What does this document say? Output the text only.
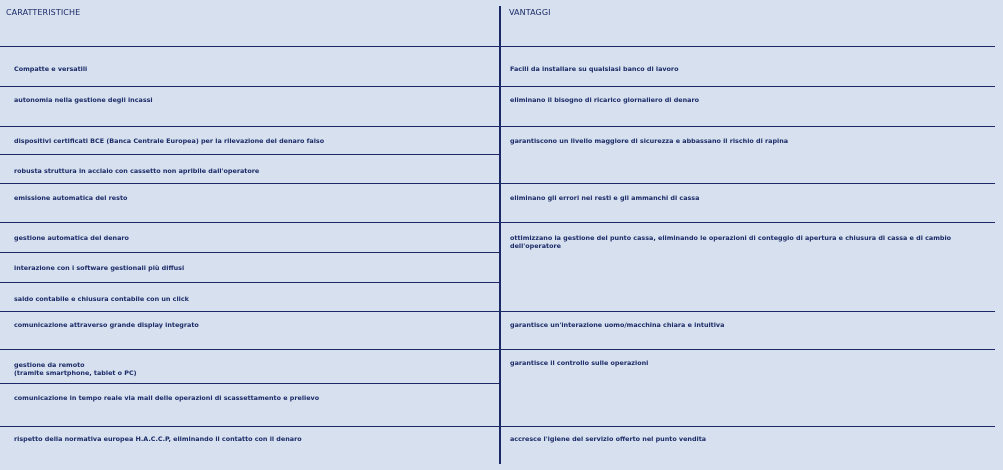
CARATTERISTICHE
Compatte e versatili
autonomia nella gestione degli incassi
dispositivi certificati BCE (Banca Centrale Europea) per la rilevazione del denaro falso
robusta struttura in acciaio con cassetto non apribile dall'operatore
emissione automatica del resto
gestione automatica del denaro
interazione con i software gestionali più diffusi
saldo contabile e chiusura contabile con un click
comunicazione attraverso grande display integrato
gestione da remoto
(tramite smartphone, tablet o PC)
comunicazione in tempo reale via mail delle operazioni di scassettamento e prelievo
rispetto della normativa europea H.A.C.C.P, eliminando il contatto con il denaro
VANTAGGI
Facili da installare su qualsiasi banco di lavoro
eliminano il bisogno di ricarico giornaliero di denaro
garantiscono un livello maggiore di sicurezza e abbassano il rischio di rapina
eliminano gli errori nei resti e gli ammanchi di cassa
ottimizzano la gestione del punto cassa, eliminando le operazioni di conteggio di apertura e chiusura di cassa e di cambio dell'operatore
garantisce un'interazione uomo/macchina chiara e intuitiva
garantisce il controllo sulle operazioni
accresce l'igiene del servizio offerto nel punto vendita
